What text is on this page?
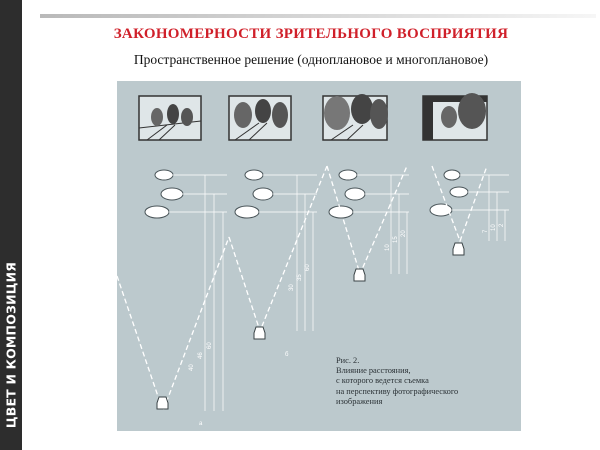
ЦВЕТ И КОМПОЗИЦИЯ
ЗАКОНОМЕРНОСТИ ЗРИТЕЛЬНОГО ВОСПРИЯТИЯ
Пространственное решение (одноплановое и многоплановое)
40
46
60
30
35
60
10
15
20	7
10 2
а
б
Рис. 2.
Влияние расстояния,
с которого ведется съемка
на перспективу фотографического
изображения
